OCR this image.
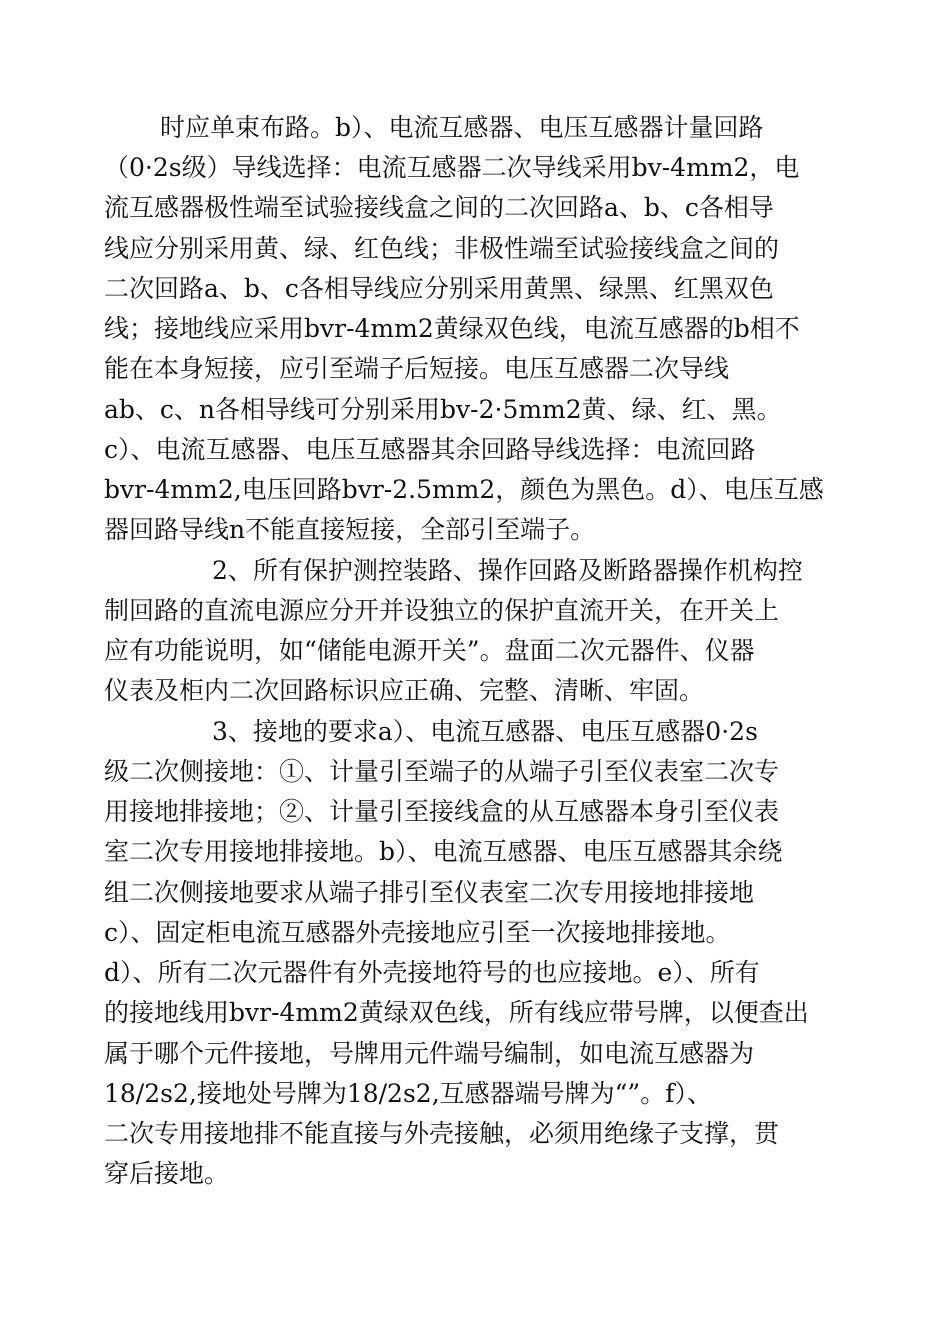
时应单束布路。b）、电流互感器、电压互感器计量回路
（0·2s级）导线选择：电流互感器二次导线采用bv-4mm2，电
流互感器极性端至试验接线盒之间的二次回路a、b、c各相导
线应分别采用黄、绿、红色线；非极性端至试验接线盒之间的
二次回路a、b、c各相导线应分别采用黄黑、绿黑、红黑双色
线；接地线应采用bvr-4mm2黄绿双色线，电流互感器的b相不
能在本身短接，应引至端子后短接。电压互感器二次导线
ab、c、n各相导线可分别采用bv-2·5mm2黄、绿、红、黑。
c）、电流互感器、电压互感器其余回路导线选择：电流回路
bvr-4mm2,电压回路bvr-2.5mm2，颜色为黑色。d）、电压互感
器回路导线n不能直接短接，全部引至端子。
2、所有保护测控装路、操作回路及断路器操作机构控
制回路的直流电源应分开并设独立的保护直流开关，在开关上
应有功能说明，如“储能电源开关”。盘面二次元器件、仪器
仪表及柜内二次回路标识应正确、完整、清晰、牢固。
3、接地的要求a）、电流互感器、电压互感器0·2s
级二次侧接地：①、计量引至端子的从端子引至仪表室二次专
用接地排接地；②、计量引至接线盒的从互感器本身引至仪表
室二次专用接地排接地。b）、电流互感器、电压互感器其余绕
组二次侧接地要求从端子排引至仪表室二次专用接地排接地
c）、固定柜电流互感器外壳接地应引至一次接地排接地。
d）、所有二次元器件有外壳接地符号的也应接地。e）、所有
的接地线用bvr-4mm2黄绿双色线，所有线应带号牌，以便查出
属于哪个元件接地，号牌用元件端号编制，如电流互感器为
18/2s2,接地处号牌为18/2s2,互感器端号牌为“”。f）、
二次专用接地排不能直接与外壳接触，必须用绝缘子支撑，贯
穿后接地。
